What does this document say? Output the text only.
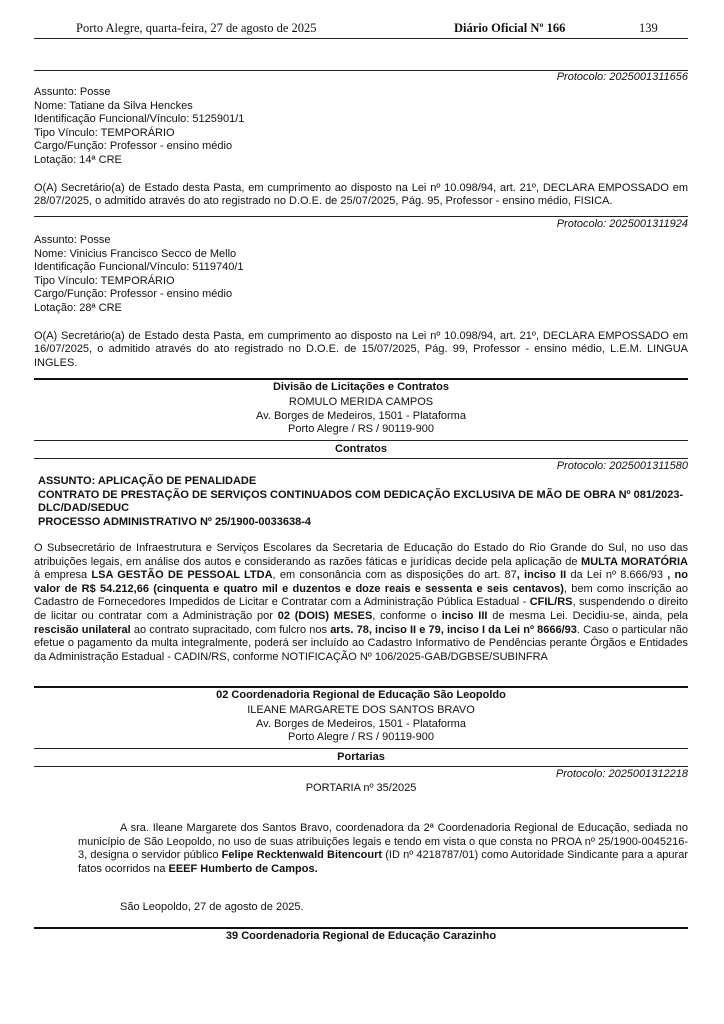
Porto Alegre, quarta-feira, 27 de agosto de 2025	Diário Oficial Nº 166	139
Protocolo: 2025001311656
Assunto: Posse
Nome: Tatiane da Silva Henckes
Identificação Funcional/Vínculo: 5125901/1
Tipo Vínculo: TEMPORÁRIO
Cargo/Função: Professor - ensino médio
Lotação: 14ª CRE
O(A) Secretário(a) de Estado desta Pasta, em cumprimento ao disposto na Lei nº 10.098/94, art. 21º, DECLARA EMPOSSADO em 28/07/2025, o admitido através do ato registrado no D.O.E. de 25/07/2025, Pág. 95, Professor - ensino médio, FISICA.
Protocolo: 2025001311924
Assunto: Posse
Nome: Vinicius Francisco Secco de Mello
Identificação Funcional/Vínculo: 5119740/1
Tipo Vínculo: TEMPORÁRIO
Cargo/Função: Professor - ensino médio
Lotação: 28ª CRE
O(A) Secretário(a) de Estado desta Pasta, em cumprimento ao disposto na Lei nº 10.098/94, art. 21º, DECLARA EMPOSSADO em 16/07/2025, o admitido através do ato registrado no D.O.E. de 15/07/2025, Pág. 99, Professor - ensino médio, L.E.M. LINGUA INGLES.
Divisão de Licitações e Contratos
ROMULO MERIDA CAMPOS
Av. Borges de Medeiros, 1501 - Plataforma
Porto Alegre / RS / 90119-900
Contratos
Protocolo: 2025001311580
ASSUNTO: APLICAÇÃO DE PENALIDADE
CONTRATO DE PRESTAÇÃO DE SERVIÇOS CONTINUADOS COM DEDICAÇÃO EXCLUSIVA DE MÃO DE OBRA Nº 081/2023-DLC/DAD/SEDUC
PROCESSO ADMINISTRATIVO Nº 25/1900-0033638-4
O Subsecretário de Infraestrutura e Serviços Escolares da Secretaria de Educação do Estado do Rio Grande do Sul, no uso das atribuições legais, em análise dos autos e considerando as razões fáticas e jurídicas decide pela aplicação de MULTA MORATÓRIA à empresa LSA GESTÃO DE PESSOAL LTDA, em consonância com as disposições do art. 87, inciso II da Lei nº 8.666/93 , no valor de R$ 54.212,66 (cinquenta e quatro mil e duzentos e doze reais e sessenta e seis centavos), bem como inscrição ao Cadastro de Fornecedores Impedidos de Licitar e Contratar com a Administração Pública Estadual - CFIL/RS, suspendendo o direito de licitar ou contratar com a Administração por 02 (DOIS) MESES, conforme o inciso III de mesma Lei. Decidiu-se, ainda, pela rescisão unilateral ao contrato supracitado, com fulcro nos arts. 78, inciso II e 79, inciso I da Lei nº 8666/93. Caso o particular não efetue o pagamento da multa integralmente, poderá ser incluído ao Cadastro Informativo de Pendências perante Órgãos e Entidades da Administração Estadual - CADIN/RS, conforme NOTIFICAÇÃO Nº 106/2025-GAB/DGBSE/SUBINFRA
02 Coordenadoria Regional de Educação São Leopoldo
ILEANE MARGARETE DOS SANTOS BRAVO
Av. Borges de Medeiros, 1501 - Plataforma
Porto Alegre / RS / 90119-900
Portarias
Protocolo: 2025001312218
PORTARIA nº 35/2025
A sra. Ileane Margarete dos Santos Bravo, coordenadora da 2ª Coordenadoria Regional de Educação, sediada no município de São Leopoldo, no uso de suas atribuições legais e tendo em vista o que consta no PROA nº 25/1900-0045216-3, designa o servidor público Felipe Recktenwald Bitencourt (ID nº 4218787/01) como Autoridade Sindicante para a apurar fatos ocorridos na EEEF Humberto de Campos.
São Leopoldo, 27 de agosto de 2025.
39 Coordenadoria Regional de Educação Carazinho
